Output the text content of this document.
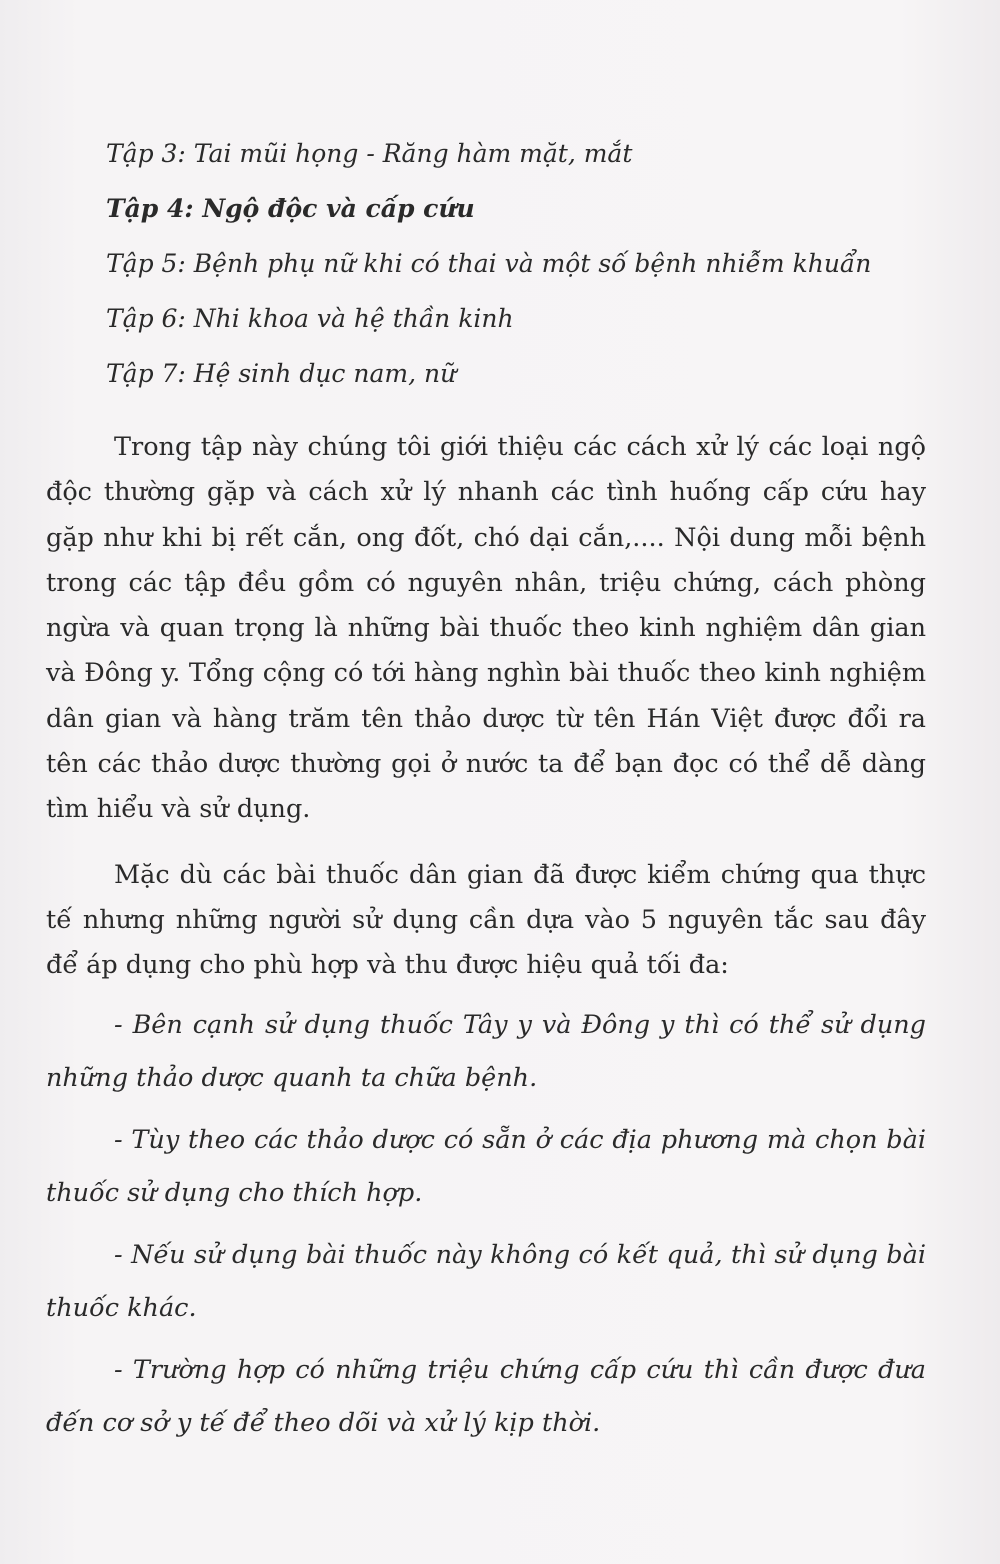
Tập 3: Tai mũi họng - Răng hàm mặt, mắt
Tập 4: Ngộ độc và cấp cứu
Tập 5: Bệnh phụ nữ khi có thai và một số bệnh nhiễm khuẩn
Tập 6: Nhi khoa và hệ thần kinh
Tập 7: Hệ sinh dục nam, nữ

Trong tập này chúng tôi giới thiệu các cách xử lý các loại ngộ độc thường gặp và cách xử lý nhanh các tình huống cấp cứu hay gặp như khi bị rết cắn, ong đốt, chó dại cắn,.... Nội dung mỗi bệnh trong các tập đều gồm có nguyên nhân, triệu chứng, cách phòng ngừa và quan trọng là những bài thuốc theo kinh nghiệm dân gian và Đông y. Tổng cộng có tới hàng nghìn bài thuốc theo kinh nghiệm dân gian và hàng trăm tên thảo dược từ tên Hán Việt được đổi ra tên các thảo dược thường gọi ở nước ta để bạn đọc có thể dễ dàng tìm hiểu và sử dụng.

Mặc dù các bài thuốc dân gian đã được kiểm chứng qua thực tế nhưng những người sử dụng cần dựa vào 5 nguyên tắc sau đây để áp dụng cho phù hợp và thu được hiệu quả tối đa:

- Bên cạnh sử dụng thuốc Tây y và Đông y thì có thể sử dụng những thảo dược quanh ta chữa bệnh.

- Tùy theo các thảo dược có sẵn ở các địa phương mà chọn bài thuốc sử dụng cho thích hợp.

- Nếu sử dụng bài thuốc này không có kết quả, thì sử dụng bài thuốc khác.

- Trường hợp có những triệu chứng cấp cứu thì cần được đưa đến cơ sở y tế để theo dõi và xử lý kịp thời.
